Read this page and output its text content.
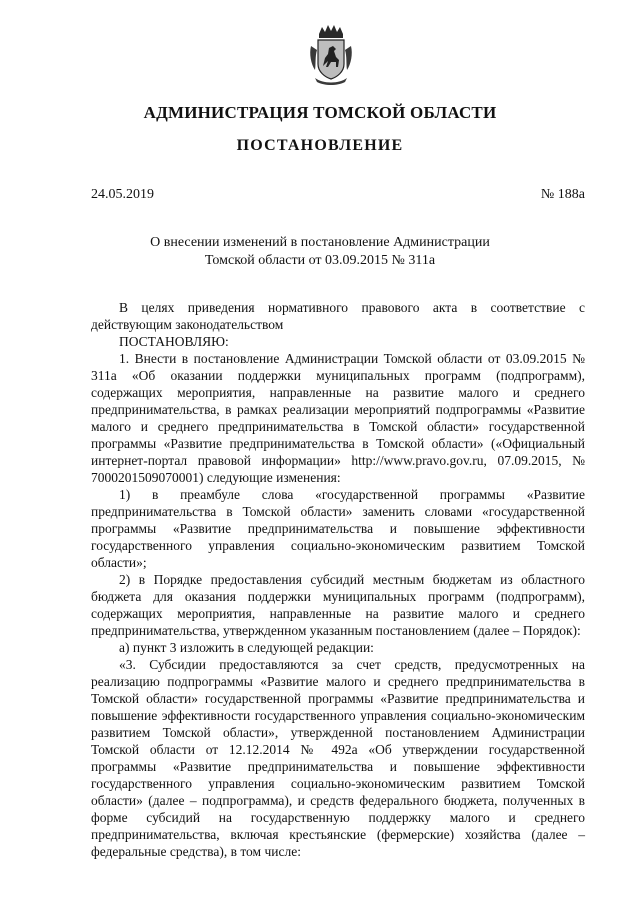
АДМИНИСТРАЦИЯ ТОМСКОЙ ОБЛАСТИ
ПОСТАНОВЛЕНИЕ
24.05.2019	№ 188а
О внесении изменений в постановление Администрации
Томской области от 03.09.2015 № 311а

В целях приведения нормативного правового акта в соответствие с действующим законодательством

ПОСТАНОВЛЯЮ:

1. Внести в постановление Администрации Томской области от 03.09.2015 № 311а «Об оказании поддержки муниципальных программ (подпрограмм), содержащих мероприятия, направленные на развитие малого и среднего предпринимательства, в рамках реализации мероприятий подпрограммы «Развитие малого и среднего предпринимательства в Томской области» государственной программы «Развитие предпринимательства в Томской области» («Официальный интернет-портал правовой информации» http://www.pravo.gov.ru, 07.09.2015, № 7000201509070001) следующие изменения:

1) в преамбуле слова «государственной программы «Развитие предпринимательства в Томской области» заменить словами «государственной программы «Развитие предпринимательства и повышение эффективности государственного управления социально-экономическим развитием Томской области»;

2) в Порядке предоставления субсидий местным бюджетам из областного бюджета для оказания поддержки муниципальных программ (подпрограмм), содержащих мероприятия, направленные на развитие малого и среднего предпринимательства, утвержденном указанным постановлением (далее – Порядок):

а) пункт 3 изложить в следующей редакции:

«3. Субсидии предоставляются за счет средств, предусмотренных на реализацию подпрограммы «Развитие малого и среднего предпринимательства в Томской области» государственной программы «Развитие предпринимательства и повышение эффективности государственного управления социально-экономическим развитием Томской области», утвержденной постановлением Администрации Томской области от 12.12.2014 № 492а «Об утверждении государственной программы «Развитие предпринимательства и повышение эффективности государственного управления социально-экономическим развитием Томской области» (далее – подпрограмма), и средств федерального бюджета, полученных в форме субсидий на государственную поддержку малого и среднего предпринимательства, включая крестьянские (фермерские) хозяйства (далее – федеральные средства), в том числе:
